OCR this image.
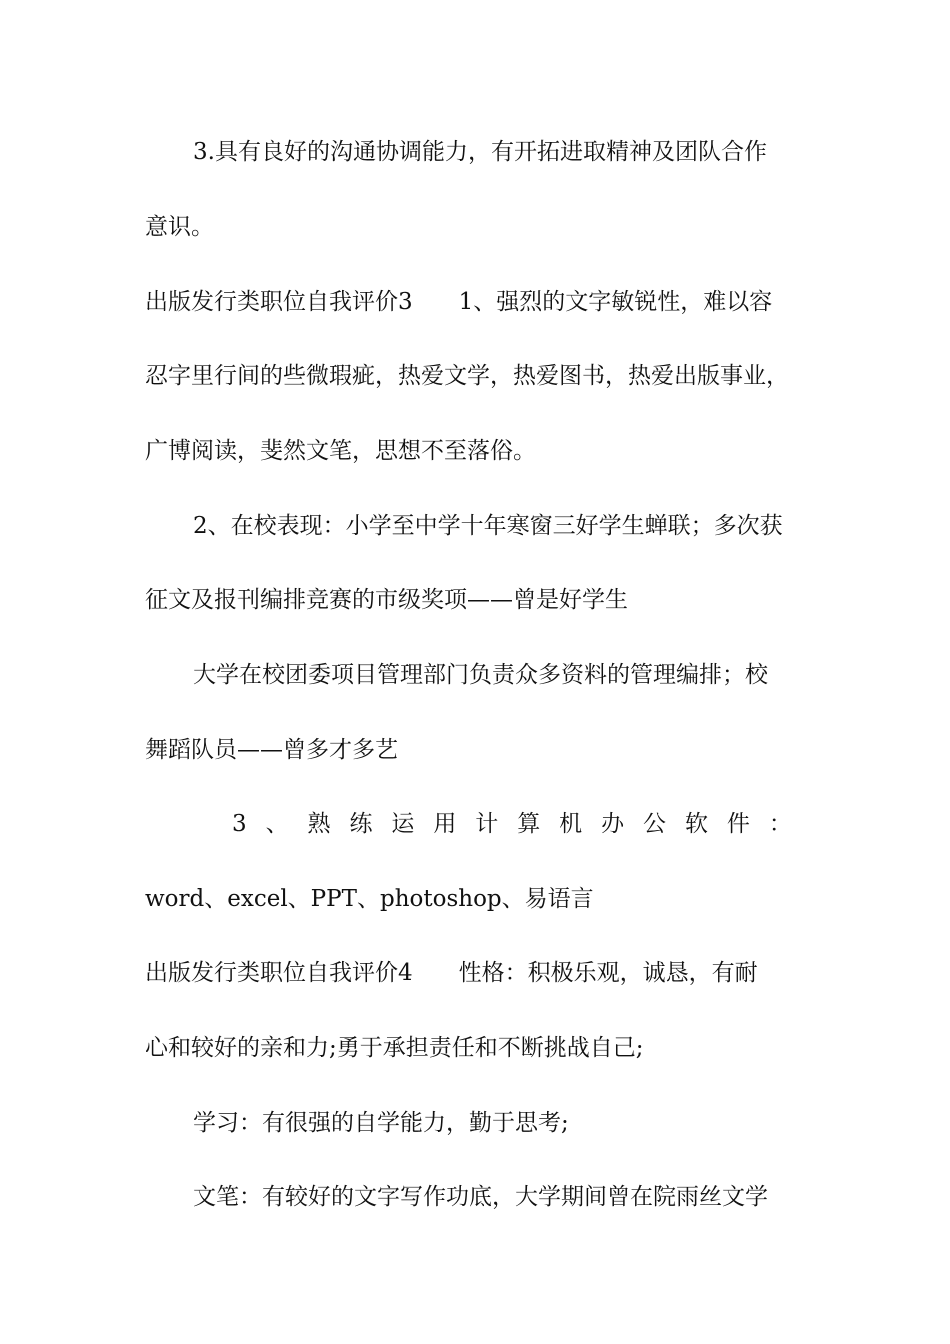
3.具有良好的沟通协调能力，有开拓进取精神及团队合作
意识。
出版发行类职位自我评价3　　1、强烈的文字敏锐性，难以容
忍字里行间的些微瑕疵，热爱文学，热爱图书，热爱出版事业，
广博阅读，斐然文笔，思想不至落俗。
2、在校表现：小学至中学十年寒窗三好学生蝉联；多次获
征文及报刊编排竞赛的市级奖项——曾是好学生
大学在校团委项目管理部门负责众多资料的管理编排；校
舞蹈队员——曾多才多艺
3 、 熟 练 运 用 计 算 机 办 公 软 件 ：
word、excel、PPT、photoshop、易语言
出版发行类职位自我评价4　　性格：积极乐观，诚恳，有耐
心和较好的亲和力;勇于承担责任和不断挑战自己;
学习：有很强的自学能力，勤于思考;
文笔：有较好的文字写作功底，大学期间曾在院雨丝文学
